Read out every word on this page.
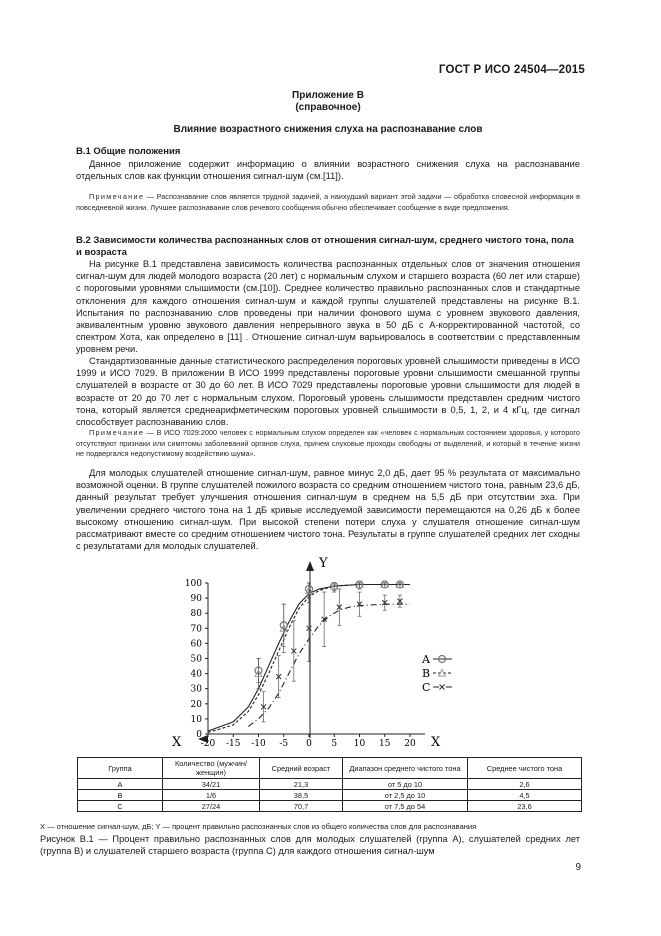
ГОСТ Р ИСО 24504—2015
Приложение В
(справочное)
Влияние возрастного снижения слуха на распознавание слов
В.1 Общие положения
Данное приложение содержит информацию о влиянии возрастного снижения слуха на распознавание отдельных слов как функции отношения сигнал-шум (см.[11]).
Примечание — Распознавание слов является трудной задачей, а наихудший вариант этой задачи — обработка словесной информации в повседневной жизни. Лучшее распознавание слов речевого сообщения обычно обеспечивает сообщение в виде предложения.
В.2 Зависимости количества распознанных слов от отношения сигнал-шум, среднего чистого тона, пола и возраста
На рисунке В.1 представлена зависимость количества распознанных отдельных слов от значения отношения сигнал-шум для людей молодого возраста (20 лет) с нормальным слухом и старшего возраста (60 лет или старше) с пороговыми уровнями слышимости (см.[10]). Среднее количество правильно распознанных слов и стандартные отклонения для каждого отношения сигнал-шум и каждой группы слушателей представлены на рисунке В.1. Испытания по распознаванию слов проведены при наличии фонового шума с уровнем звукового давления, эквивалентным уровню звукового давления непрерывного звука в 50 дБ с А-корректированной частотой, со спектром Хота, как определено в [11] . Отношение сигнал-шум варьировалось в соответствии с представленным уровнем речи.
Стандартизованные данные статистического распределения пороговых уровней слышимости приведены в ИСО 1999 и ИСО 7029. В приложении В ИСО 1999 представлены пороговые уровни слышимости смешанной группы слушателей в возрасте от 30 до 60 лет. В ИСО 7029 представлены пороговые уровни слышимости для людей в возрасте от 20 до 70 лет с нормальным слухом. Пороговый уровень слышимости представлен средним чистого тона, который является среднеарифметическим пороговых уровней слышимости в 0,5, 1, 2, и 4 кГц, где сигнал способствует распознаванию слов.
Примечание — В ИСО 7029:2000 человек с нормальным слухом определен как «человек с нормальным состоянием здоровья, у которого отсутствуют признаки или симптомы заболеваний органов слуха, причем слуховые проходы свободны от выделений, и который в течение жизни не подвергался недопустимому воздействию шума».
Для молодых слушателей отношение сигнал-шум, равное минус 2,0 дБ, дает 95 % результата от максимально возможной оценки. В группе слушателей пожилого возраста со средним отношением чистого тона, равным 23,6 дБ, данный результат требует улучшения отношения сигнал-шум в среднем на 5,5 дБ при отсутствии эха. При увеличении среднего чистого тона на 1 дБ кривые исследуемой зависимости перемещаются на 0,26 дБ к более высокому отношению сигнал-шум. При высокой степени потери слуха у слушателя отношение сигнал-шум рассматривают вместе со средним отношением чистого тона. Результаты в группе слушателей средних лет сходны с результатами для молодых слушателей.
Y
X	X
0
10
20
30
40
50
60
70
80
90
100
-20 -15 -10 -5 0 5 10 15 20
A
B
C
Группа	Количество (мужчин/женщин)	Средний возраст	Диапазон среднего чистого тона	Среднее чистого тона
А	34/21	21,3	от 5 до 10	2,6
В	1/6	38,5	от 2,5 до 10	4,5
С	27/24	70,7	от 7,5 до 54	23,6
X — отношение сигнал-шум, дБ; Y — процент правильно распознанных слов из общего количества слов для распознавания
Рисунок В.1 — Процент правильно распознанных слов для молодых слушателей (группа А), слушателей средних лет (группа В) и слушателей старшего возраста (группа С) для каждого отношения сигнал-шум
9
